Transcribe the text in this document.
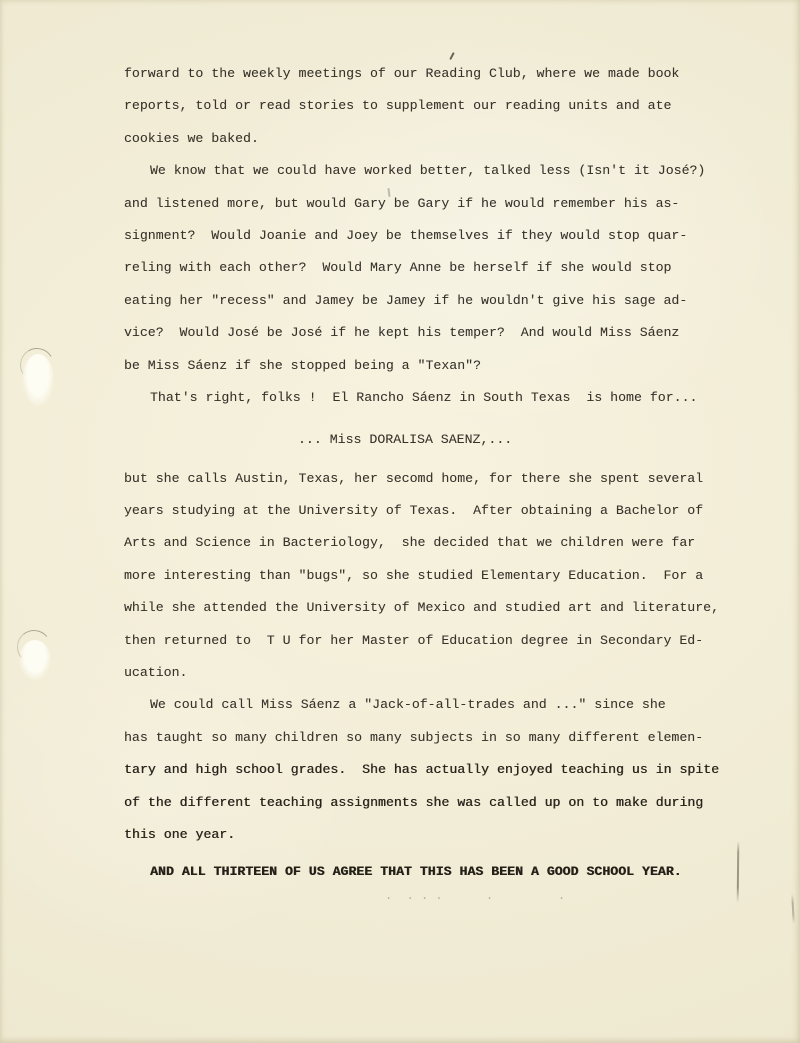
forward to the weekly meetings of our Reading Club, where we made book
reports, told or read stories to supplement our reading units and ate
cookies we baked.
We know that we could have worked better, talked less (Isn't it José?)
and listened more, but would Gary be Gary if he would remember his as-
signment?  Would Joanie and Joey be themselves if they would stop quar-
reling with each other?  Would Mary Anne be herself if she would stop
eating her "recess" and Jamey be Jamey if he wouldn't give his sage ad-
vice?  Would José be José if he kept his temper?  And would Miss Sáenz
be Miss Sáenz if she stopped being a "Texan"?
That's right, folks !  El Rancho Sáenz in South Texas  is home for...
... Miss DORALISA SAENZ,...
but she calls Austin, Texas, her secomd home, for there she spent several
years studying at the University of Texas.  After obtaining a Bachelor of
Arts and Science in Bacteriology,  she decided that we children were far
more interesting than "bugs", so she studied Elementary Education.  For a
while she attended the University of Mexico and studied art and literature,
then returned to  T U for her Master of Education degree in Secondary Ed-
ucation.
We could call Miss Sáenz a "Jack-of-all-trades and ..." since she
has taught so many children so many subjects in so many different elemen-
tary and high school grades.  She has actually enjoyed teaching us in spite
of the different teaching assignments she was called up on to make during
this one year.
AND ALL THIRTEEN OF US AGREE THAT THIS HAS BEEN A GOOD SCHOOL YEAR.
.  . . .      .         .
